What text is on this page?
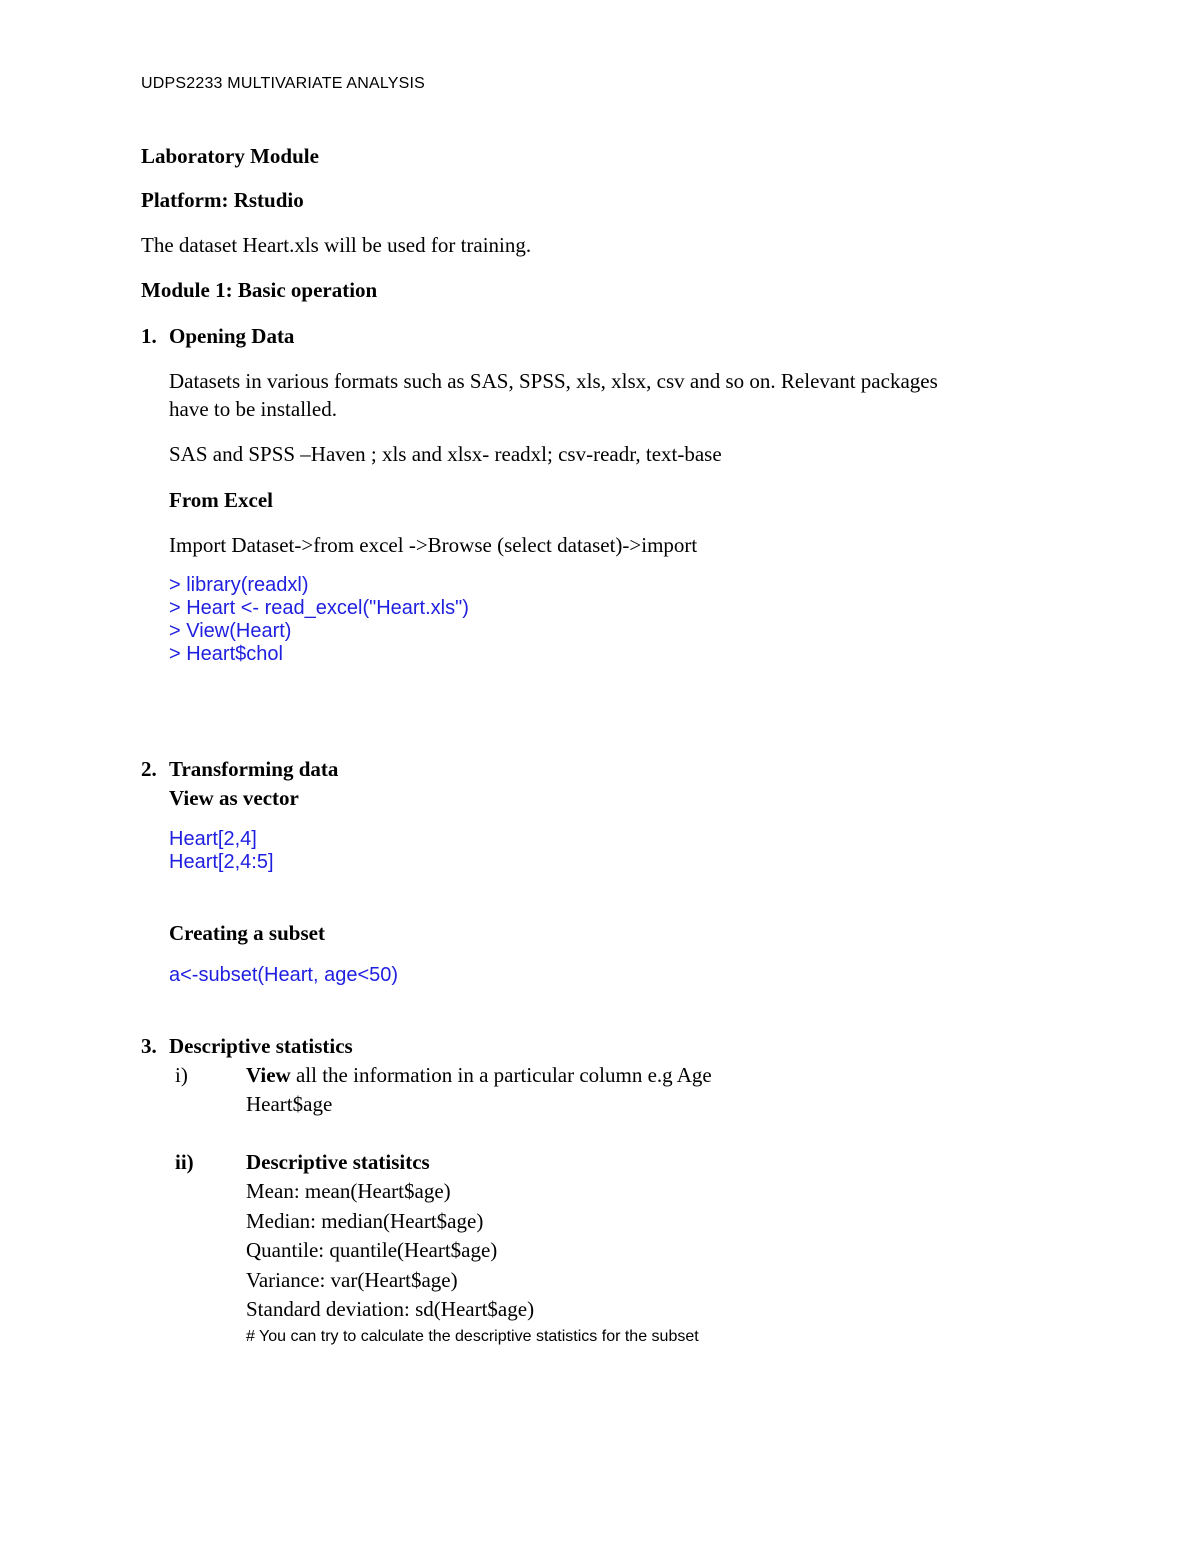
UDPS2233 MULTIVARIATE ANALYSIS
Laboratory Module
Platform: Rstudio
The dataset Heart.xls will be used for training.
Module 1: Basic operation
1. Opening Data
Datasets in various formats such as SAS, SPSS, xls, xlsx, csv and so on. Relevant packages
have to be installed.
SAS and SPSS –Haven ; xls and xlsx- readxl; csv-readr, text-base
From Excel
Import Dataset->from excel ->Browse (select dataset)->import
> library(readxl)
> Heart <- read_excel("Heart.xls")
> View(Heart)
> Heart$chol
2. Transforming data
View as vector
Heart[2,4]
Heart[2,4:5]
Creating a subset
a<-subset(Heart, age<50)
3. Descriptive statistics
i)	View all the information in a particular column e.g Age
Heart$age
ii) Descriptive statisitcs
Mean: mean(Heart$age)
Median: median(Heart$age)
Quantile: quantile(Heart$age)
Variance: var(Heart$age)
Standard deviation: sd(Heart$age)
# You can try to calculate the descriptive statistics for the subset
